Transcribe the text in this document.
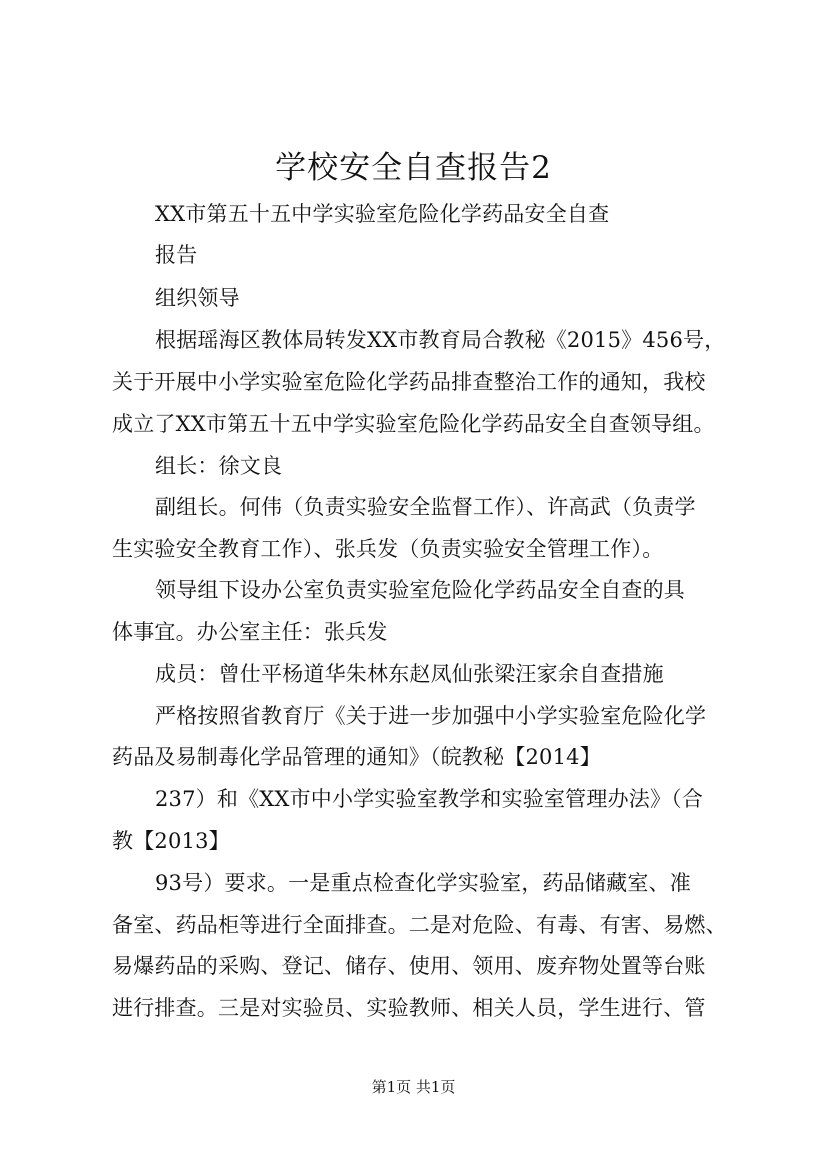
学校安全自查报告2
XX市第五十五中学实验室危险化学药品安全自查
报告
组织领导
根据瑶海区教体局转发XX市教育局合教秘《2015》456号，
关于开展中小学实验室危险化学药品排查整治工作的通知，我校
成立了XX市第五十五中学实验室危险化学药品安全自查领导组。
组长：徐文良
副组长。何伟（负责实验安全监督工作）、许高武（负责学
生实验安全教育工作）、张兵发（负责实验安全管理工作）。
领导组下设办公室负责实验室危险化学药品安全自查的具
体事宜。办公室主任：张兵发
成员：曾仕平杨道华朱林东赵凤仙张梁汪家余自查措施
严格按照省教育厅《关于进一步加强中小学实验室危险化学
药品及易制毒化学品管理的通知》（皖教秘【2014】
237）和《XX市中小学实验室教学和实验室管理办法》（合
教【2013】
93号）要求。一是重点检查化学实验室，药品储藏室、准
备室、药品柜等进行全面排查。二是对危险、有毒、有害、易燃、
易爆药品的采购、登记、储存、使用、领用、废弃物处置等台账
进行排查。三是对实验员、实验教师、相关人员，学生进行、管
第1页 共1页
